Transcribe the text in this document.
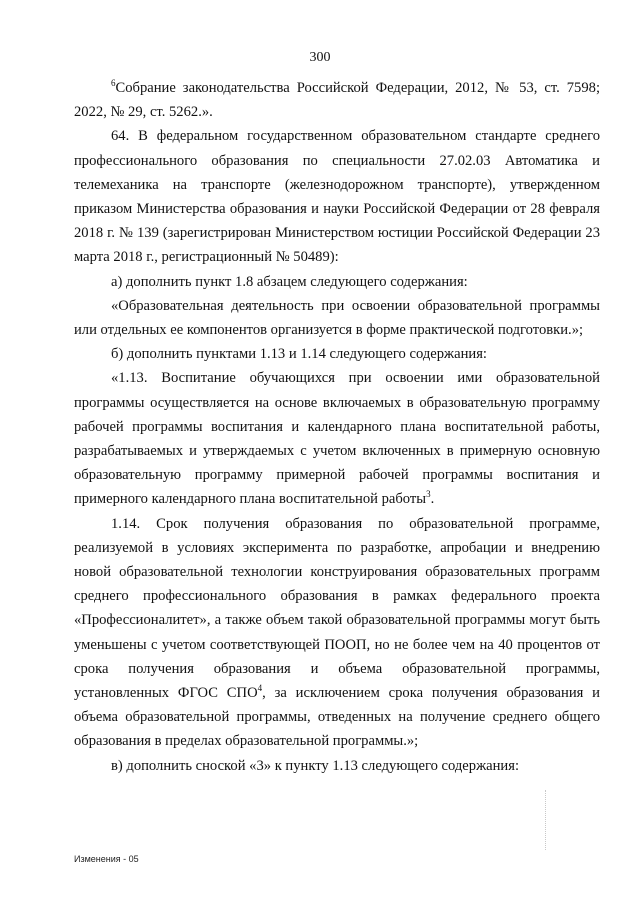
300

$^6$Собрание законодательства Российской Федерации, 2012, № 53, ст. 7598; 2022, № 29, ст. 5262.».

64. В федеральном государственном образовательном стандарте среднего профессионального образования по специальности 27.02.03 Автоматика и телемеханика на транспорте (железнодорожном транспорте), утвержденном приказом Министерства образования и науки Российской Федерации от 28 февраля 2018 г. № 139 (зарегистрирован Министерством юстиции Российской Федерации 23 марта 2018 г., регистрационный № 50489):

а) дополнить пункт 1.8 абзацем следующего содержания:

«Образовательная деятельность при освоении образовательной программы или отдельных ее компонентов организуется в форме практической подготовки.»;

б) дополнить пунктами 1.13 и 1.14 следующего содержания:

«1.13. Воспитание обучающихся при освоении ими образовательной программы осуществляется на основе включаемых в образовательную программу рабочей программы воспитания и календарного плана воспитательной работы, разрабатываемых и утверждаемых с учетом включенных в примерную основную образовательную программу примерной рабочей программы воспитания и примерного календарного плана воспитательной работы$^3$.

1.14. Срок получения образования по образовательной программе, реализуемой в условиях эксперимента по разработке, апробации и внедрению новой образовательной технологии конструирования образовательных программ среднего профессионального образования в рамках федерального проекта «Профессионалитет», а также объем такой образовательной программы могут быть уменьшены с учетом соответствующей ПООП, но не более чем на 40 процентов от срока получения образования и объема образовательной программы, установленных ФГОС СПО$^4$, за исключением срока получения образования и объема образовательной программы, отведенных на получение среднего общего образования в пределах образовательной программы.»;

в) дополнить сноской «3» к пункту 1.13 следующего содержания:

Изменения - 05
